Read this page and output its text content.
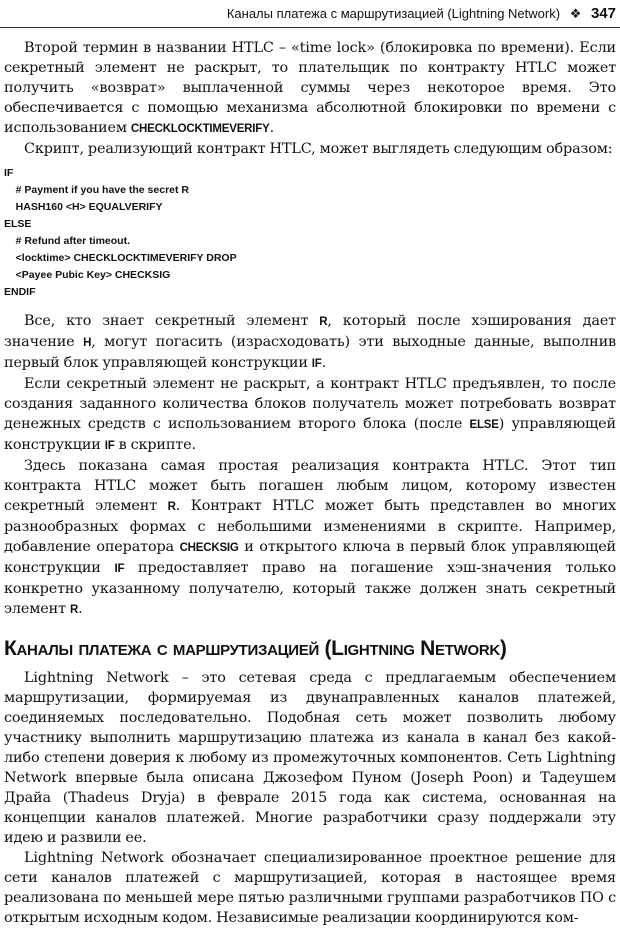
Каналы платежа с маршрутизацией (Lightning Network) ❖ 347

Второй термин в названии HTLC – «time lock» (блокировка по времени). Если секретный элемент не раскрыт, то плательщик по контракту HTLC может получить «возврат» выплаченной суммы через некоторое время. Это обеспечивается с помощью механизма абсолютной блокировки по времени с использованием CHECKLOCKTIMEVERIFY.

Скрипт, реализующий контракт HTLC, может выглядеть следующим образом:

IF
# Payment if you have the secret R
HASH160 <H> EQUALVERIFY
ELSE
# Refund after timeout.
<locktime> CHECKLOCKTIMEVERIFY DROP
<Payee Pubic Key> CHECKSIG
ENDIF

Все, кто знает секретный элемент R, который после хэширования дает значение H, могут погасить (израсходовать) эти выходные данные, выполнив первый блок управляющей конструкции IF.

Если секретный элемент не раскрыт, а контракт HTLC предъявлен, то после создания заданного количества блоков получатель может потребовать возврат денежных средств с использованием второго блока (после ELSE) управляющей конструкции IF в скрипте.

Здесь показана самая простая реализация контракта HTLC. Этот тип контракта HTLC может быть погашен любым лицом, которому известен секретный элемент R. Контракт HTLC может быть представлен во многих разнообразных формах с небольшими изменениями в скрипте. Например, добавление оператора CHECKSIG и открытого ключа в первый блок управляющей конструкции IF предоставляет право на погашение хэш-значения только конкретно указанному получателю, который также должен знать секретный элемент R.

Каналы платежа с маршрутизацией (Lightning Network)

Lightning Network – это сетевая среда с предлагаемым обеспечением маршрутизации, формируемая из двунаправленных каналов платежей, соединяемых последовательно. Подобная сеть может позволить любому участнику выполнить маршрутизацию платежа из канала в канал без какой-либо степени доверия к любому из промежуточных компонентов. Сеть Lightning Network впервые была описана Джозефом Пуном (Joseph Poon) и Тадеушем Драйа (Thadeus Dryja) в феврале 2015 года как система, основанная на концепции каналов платежей. Многие разработчики сразу поддержали эту идею и развили ее.

Lightning Network обозначает специализированное проектное решение для сети каналов платежей с маршрутизацией, которая в настоящее время реализована по меньшей мере пятью различными группами разработчиков ПО с открытым исходным кодом. Независимые реализации координируются ком-
